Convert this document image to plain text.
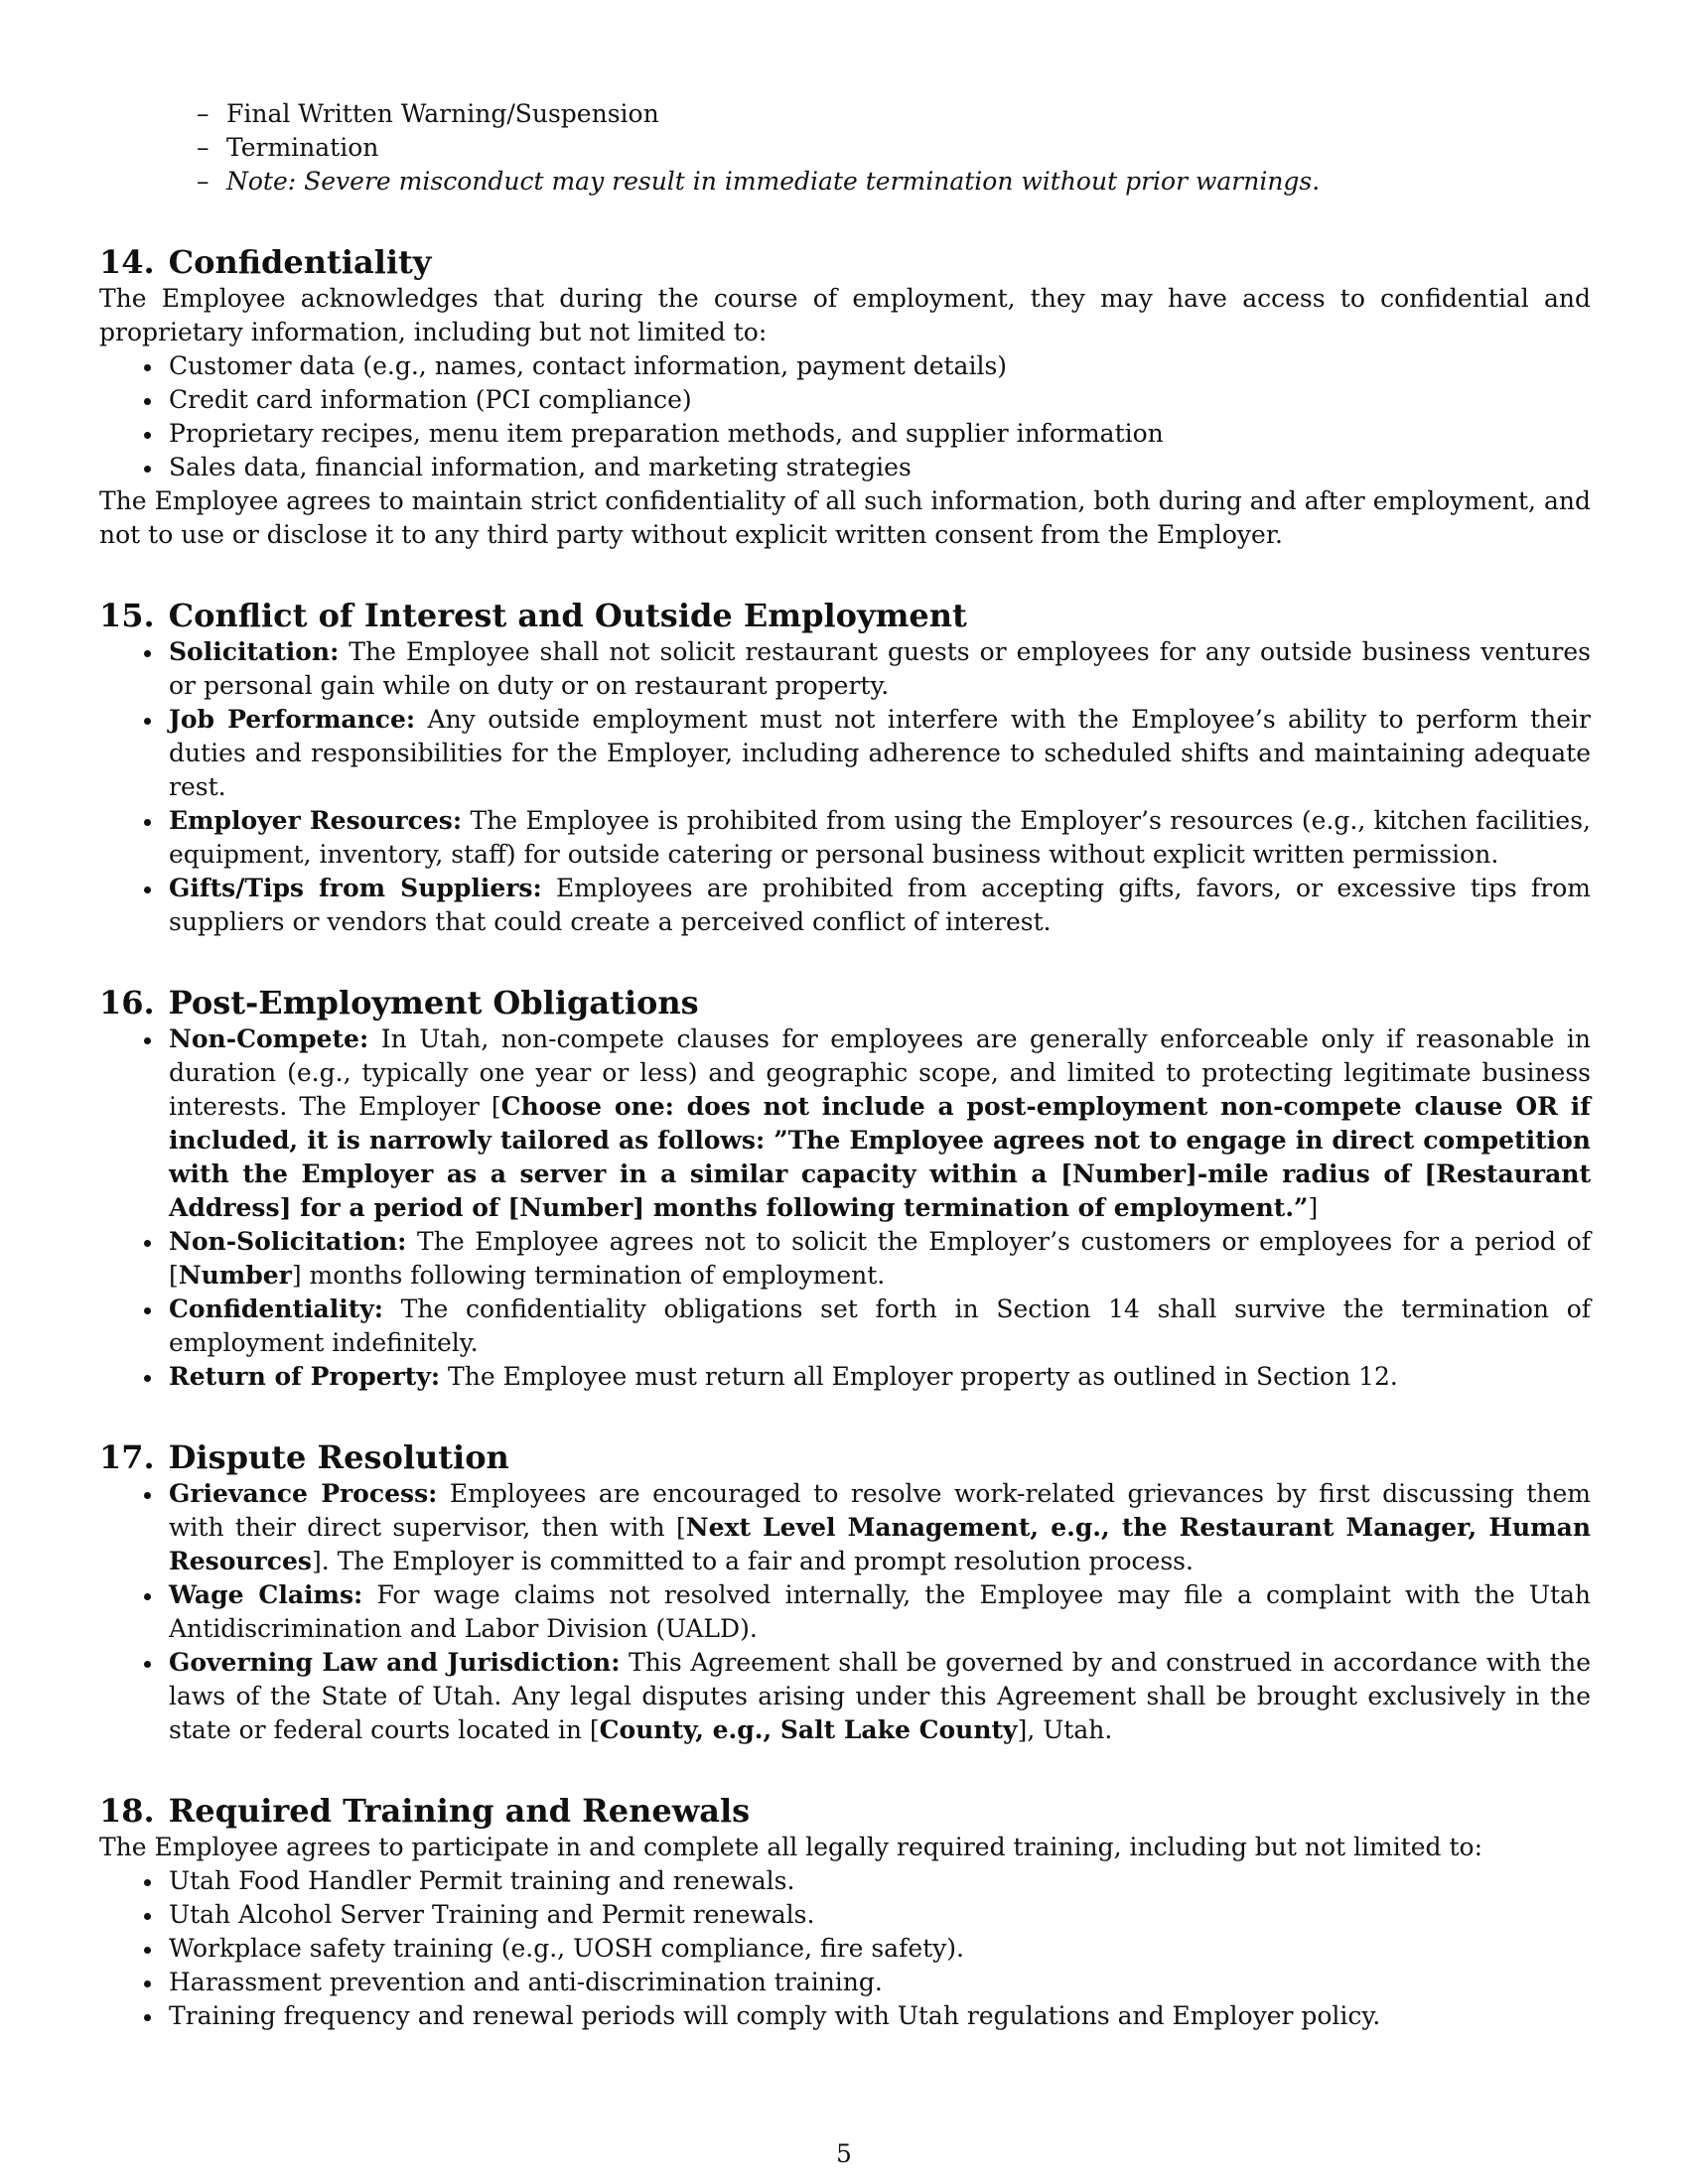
– Final Written Warning/Suspension
– Termination
– Note: Severe misconduct may result in immediate termination without prior warnings.
14. Confidentiality

The Employee acknowledges that during the course of employment, they may have access to confidential and proprietary information, including but not limited to:

Customer data (e.g., names, contact information, payment details)
Credit card information (PCI compliance)
Proprietary recipes, menu item preparation methods, and supplier information
Sales data, financial information, and marketing strategies

The Employee agrees to maintain strict confidentiality of all such information, both during and after employment, and not to use or disclose it to any third party without explicit written consent from the Employer.

15. Conflict of Interest and Outside Employment
Solicitation: The Employee shall not solicit restaurant guests or employees for any outside business ventures or personal gain while on duty or on restaurant property.
Job Performance: Any outside employment must not interfere with the Employee’s ability to perform their duties and responsibilities for the Employer, including adherence to scheduled shifts and maintaining adequate rest.
Employer Resources: The Employee is prohibited from using the Employer’s resources (e.g., kitchen facilities, equipment, inventory, staff) for outside catering or personal business without explicit written permission.
Gifts/Tips from Suppliers: Employees are prohibited from accepting gifts, favors, or excessive tips from suppliers or vendors that could create a perceived conflict of interest.
16. Post-Employment Obligations
Non-Compete: In Utah, non-compete clauses for employees are generally enforceable only if reasonable in duration (e.g., typically one year or less) and geographic scope, and limited to protecting legitimate business interests. The Employer [Choose one: does not include a post-employment non-compete clause OR if included, it is narrowly tailored as follows: ”The Employee agrees not to engage in direct competition with the Employer as a server in a similar capacity within a [Number]-mile radius of [Restaurant Address] for a period of [Number] months following termination of employment.”]
Non-Solicitation: The Employee agrees not to solicit the Employer’s customers or employees for a period of [Number] months following termination of employment.
Confidentiality: The confidentiality obligations set forth in Section 14 shall survive the termination of employment indefinitely.
Return of Property: The Employee must return all Employer property as outlined in Section 12.
17. Dispute Resolution
Grievance Process: Employees are encouraged to resolve work-related grievances by first discussing them with their direct supervisor, then with [Next Level Management, e.g., the Restaurant Manager, Human Resources]. The Employer is committed to a fair and prompt resolution process.
Wage Claims: For wage claims not resolved internally, the Employee may file a complaint with the Utah Antidiscrimination and Labor Division (UALD).
Governing Law and Jurisdiction: This Agreement shall be governed by and construed in accordance with the laws of the State of Utah. Any legal disputes arising under this Agreement shall be brought exclusively in the state or federal courts located in [County, e.g., Salt Lake County], Utah.
18. Required Training and Renewals

The Employee agrees to participate in and complete all legally required training, including but not limited to:

Utah Food Handler Permit training and renewals.
Utah Alcohol Server Training and Permit renewals.
Workplace safety training (e.g., UOSH compliance, fire safety).
Harassment prevention and anti-discrimination training.
Training frequency and renewal periods will comply with Utah regulations and Employer policy.
5
